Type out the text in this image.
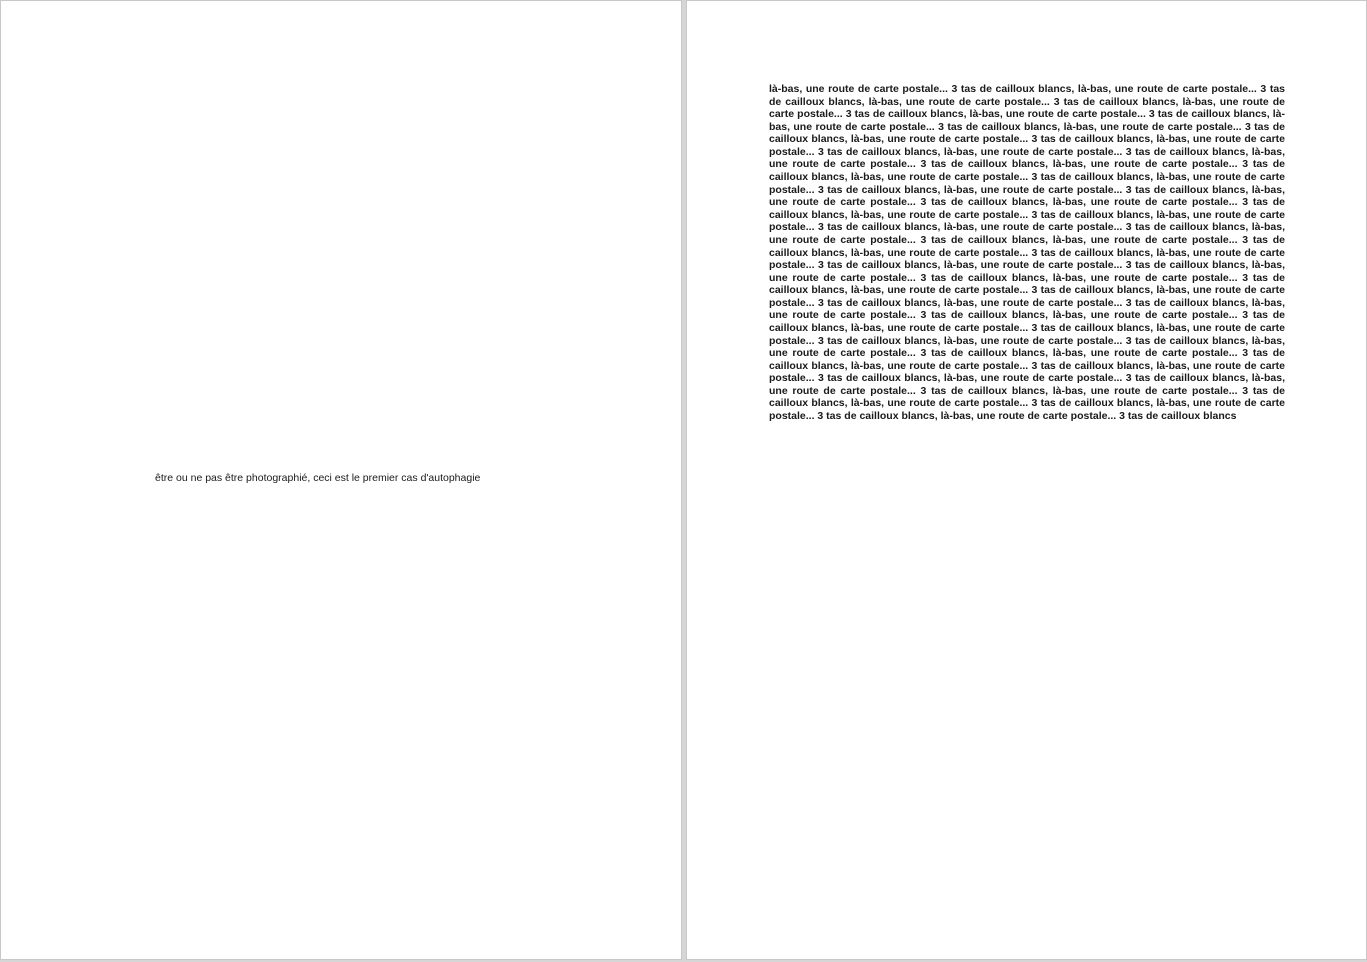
être ou ne pas être photographié, ceci est le premier cas d'autophagie

là-bas, une route de carte postale... 3 tas de cailloux blancs, là-bas, une route de carte postale... 3 tas de cailloux blancs, là-bas, une route de carte postale... 3 tas de cailloux blancs, là-bas, une route de carte postale... 3 tas de cailloux blancs, là-bas, une route de carte postale... 3 tas de cailloux blancs, là-bas, une route de carte postale... 3 tas de cailloux blancs, là-bas, une route de carte postale... 3 tas de cailloux blancs, là-bas, une route de carte postale... 3 tas de cailloux blancs, là-bas, une route de carte postale... 3 tas de cailloux blancs, là-bas, une route de carte postale... 3 tas de cailloux blancs, là-bas, une route de carte postale... 3 tas de cailloux blancs, là-bas, une route de carte postale... 3 tas de cailloux blancs, là-bas, une route de carte postale... 3 tas de cailloux blancs, là-bas, une route de carte postale... 3 tas de cailloux blancs, là-bas, une route de carte postale... 3 tas de cailloux blancs, là-bas, une route de carte postale... 3 tas de cailloux blancs, là-bas, une route de carte postale... 3 tas de cailloux blancs, là-bas, une route de carte postale... 3 tas de cailloux blancs, là-bas, une route de carte postale... 3 tas de cailloux blancs, là-bas, une route de carte postale... 3 tas de cailloux blancs, là-bas, une route de carte postale... 3 tas de cailloux blancs, là-bas, une route de carte postale... 3 tas de cailloux blancs, là-bas, une route de carte postale... 3 tas de cailloux blancs, là-bas, une route de carte postale... 3 tas de cailloux blancs, là-bas, une route de carte postale... 3 tas de cailloux blancs, là-bas, une route de carte postale... 3 tas de cailloux blancs, là-bas, une route de carte postale... 3 tas de cailloux blancs, là-bas, une route de carte postale... 3 tas de cailloux blancs, là-bas, une route de carte postale... 3 tas de cailloux blancs, là-bas, une route de carte postale... 3 tas de cailloux blancs, là-bas, une route de carte postale... 3 tas de cailloux blancs, là-bas, une route de carte postale... 3 tas de cailloux blancs, là-bas, une route de carte postale... 3 tas de cailloux blancs, là-bas, une route de carte postale... 3 tas de cailloux blancs, là-bas, une route de carte postale... 3 tas de cailloux blancs, là-bas, une route de carte postale... 3 tas de cailloux blancs, là-bas, une route de carte postale... 3 tas de cailloux blancs, là-bas, une route de carte postale... 3 tas de cailloux blancs, là-bas, une route de carte postale... 3 tas de cailloux blancs, là-bas, une route de carte postale... 3 tas de cailloux blancs, là-bas, une route de carte postale... 3 tas de cailloux blancs, là-bas, une route de carte postale... 3 tas de cailloux blancs, là-bas, une route de carte postale... 3 tas de cailloux blancs, là-bas, une route de carte postale... 3 tas de cailloux blancs, là-bas, une route de carte postale... 3 tas de cailloux blancs
